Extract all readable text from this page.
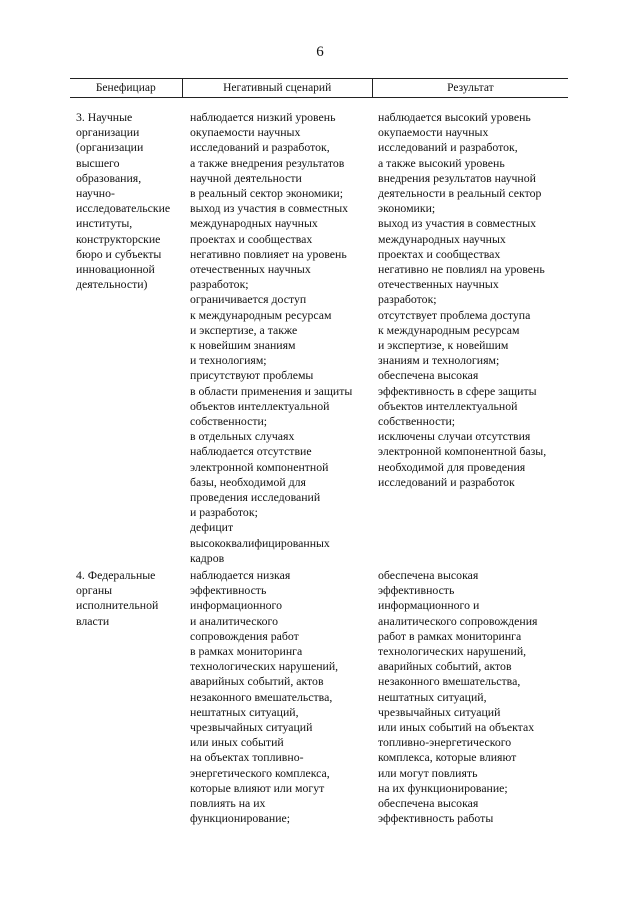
6
Бенефициар	Негативный сценарий	Результат
3. Научные
организации
(организации
высшего
образования,
научно-
исследовательские
институты,
конструкторские
бюро и субъекты
инновационной
деятельности)
наблюдается низкий уровень
окупаемости научных
исследований и разработок,
а также внедрения результатов
научной деятельности
в реальный сектор экономики;
выход из участия в совместных
международных научных
проектах и сообществах
негативно повлияет на уровень
отечественных научных
разработок;
ограничивается доступ
к международным ресурсам
и экспертизе, а также
к новейшим знаниям
и технологиям;
присутствуют проблемы
в области применения и защиты
объектов интеллектуальной
собственности;
в отдельных случаях
наблюдается отсутствие
электронной компонентной
базы, необходимой для
проведения исследований
и разработок;
дефицит
высококвалифицированных
кадров
наблюдается высокий уровень
окупаемости научных
исследований и разработок,
а также высокий уровень
внедрения результатов научной
деятельности в реальный сектор
экономики;
выход из участия в совместных
международных научных
проектах и сообществах
негативно не повлиял на уровень
отечественных научных
разработок;
отсутствует проблема доступа
к международным ресурсам
и экспертизе, к новейшим
знаниям и технологиям;
обеспечена высокая
эффективность в сфере защиты
объектов интеллектуальной
собственности;
исключены случаи отсутствия
электронной компонентной базы,
необходимой для проведения
исследований и разработок
4. Федеральные
органы
исполнительной
власти
наблюдается низкая
эффективность
информационного
и аналитического
сопровождения работ
в рамках мониторинга
технологических нарушений,
аварийных событий, актов
незаконного вмешательства,
нештатных ситуаций,
чрезвычайных ситуаций
или иных событий
на объектах топливно-
энергетического комплекса,
которые влияют или могут
повлиять на их
функционирование;
обеспечена высокая
эффективность
информационного и
аналитического сопровождения
работ в рамках мониторинга
технологических нарушений,
аварийных событий, актов
незаконного вмешательства,
нештатных ситуаций,
чрезвычайных ситуаций
или иных событий на объектах
топливно-энергетического
комплекса, которые влияют
или могут повлиять
на их функционирование;
обеспечена высокая
эффективность работы
